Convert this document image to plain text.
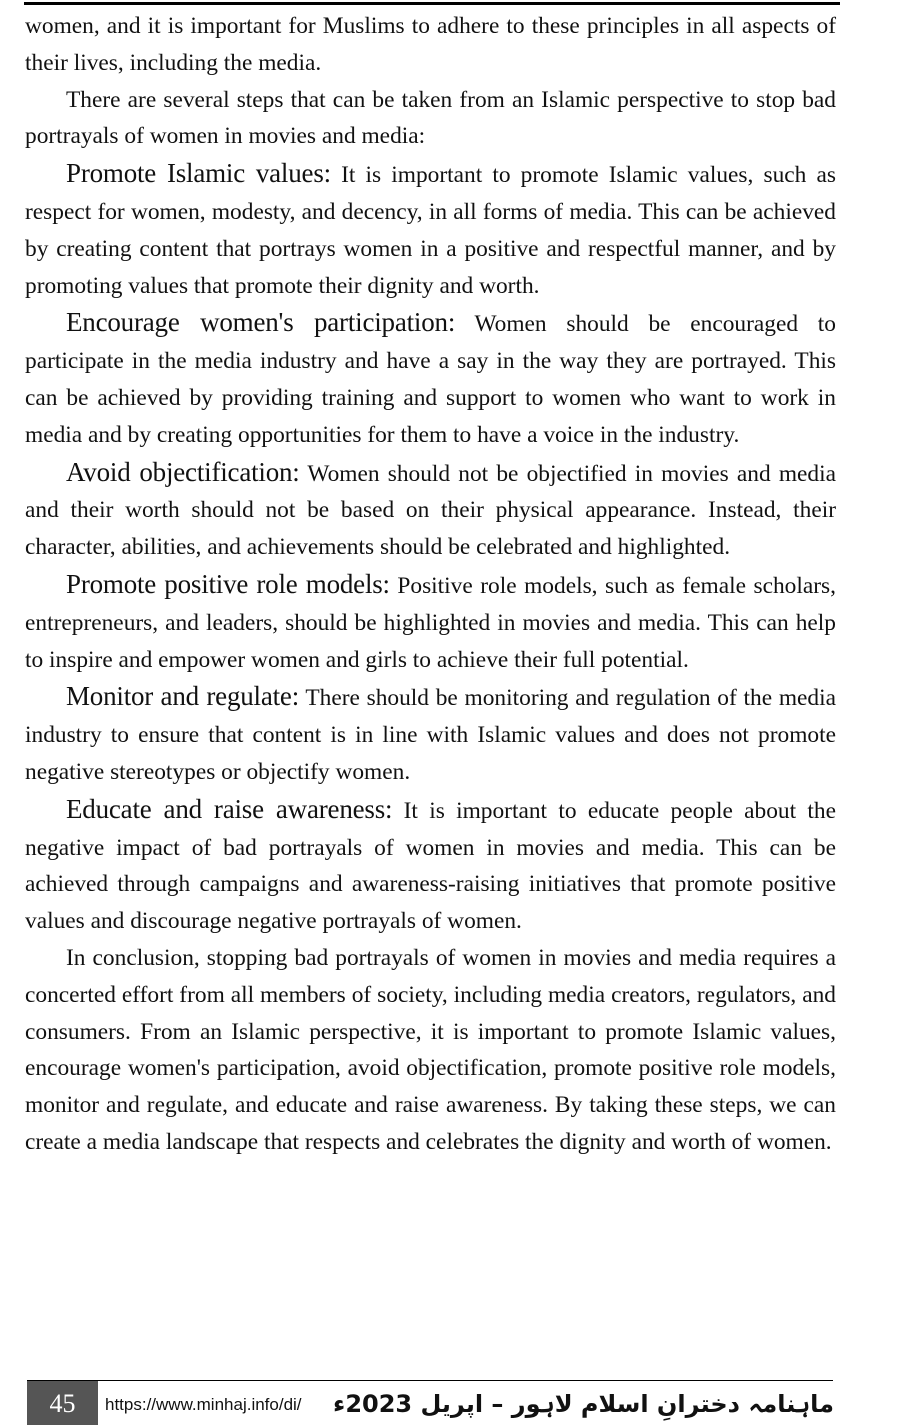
women, and it is important for Muslims to adhere to these principles in all aspects of their lives, including the media.

There are several steps that can be taken from an Islamic perspective to stop bad portrayals of women in movies and media:

Promote Islamic values: It is important to promote Islamic values, such as respect for women, modesty, and decency, in all forms of media. This can be achieved by creating content that portrays women in a positive and respectful manner, and by promoting values that promote their dignity and worth.

Encourage women's participation: Women should be encouraged to participate in the media industry and have a say in the way they are portrayed. This can be achieved by providing training and support to women who want to work in media and by creating opportunities for them to have a voice in the industry.

Avoid objectification: Women should not be objectified in movies and media and their worth should not be based on their physical appearance. Instead, their character, abilities, and achievements should be celebrated and highlighted.

Promote positive role models: Positive role models, such as female scholars, entrepreneurs, and leaders, should be highlighted in movies and media. This can help to inspire and empower women and girls to achieve their full potential.

Monitor and regulate: There should be monitoring and regulation of the media industry to ensure that content is in line with Islamic values and does not promote negative stereotypes or objectify women.

Educate and raise awareness: It is important to educate people about the negative impact of bad portrayals of women in movies and media. This can be achieved through campaigns and awareness-raising initiatives that promote positive values and discourage negative portrayals of women.

In conclusion, stopping bad portrayals of women in movies and media requires a concerted effort from all members of society, including media creators, regulators, and consumers. From an Islamic perspective, it is important to promote Islamic values, encourage women's participation, avoid objectification, promote positive role models, monitor and regulate, and educate and raise awareness. By taking these steps, we can create a media landscape that respects and celebrates the dignity and worth of women.

45	https://www.minhaj.info/di/ ماہنامہ دخترانِ اسلام لاہور – اپریل 2023ء
